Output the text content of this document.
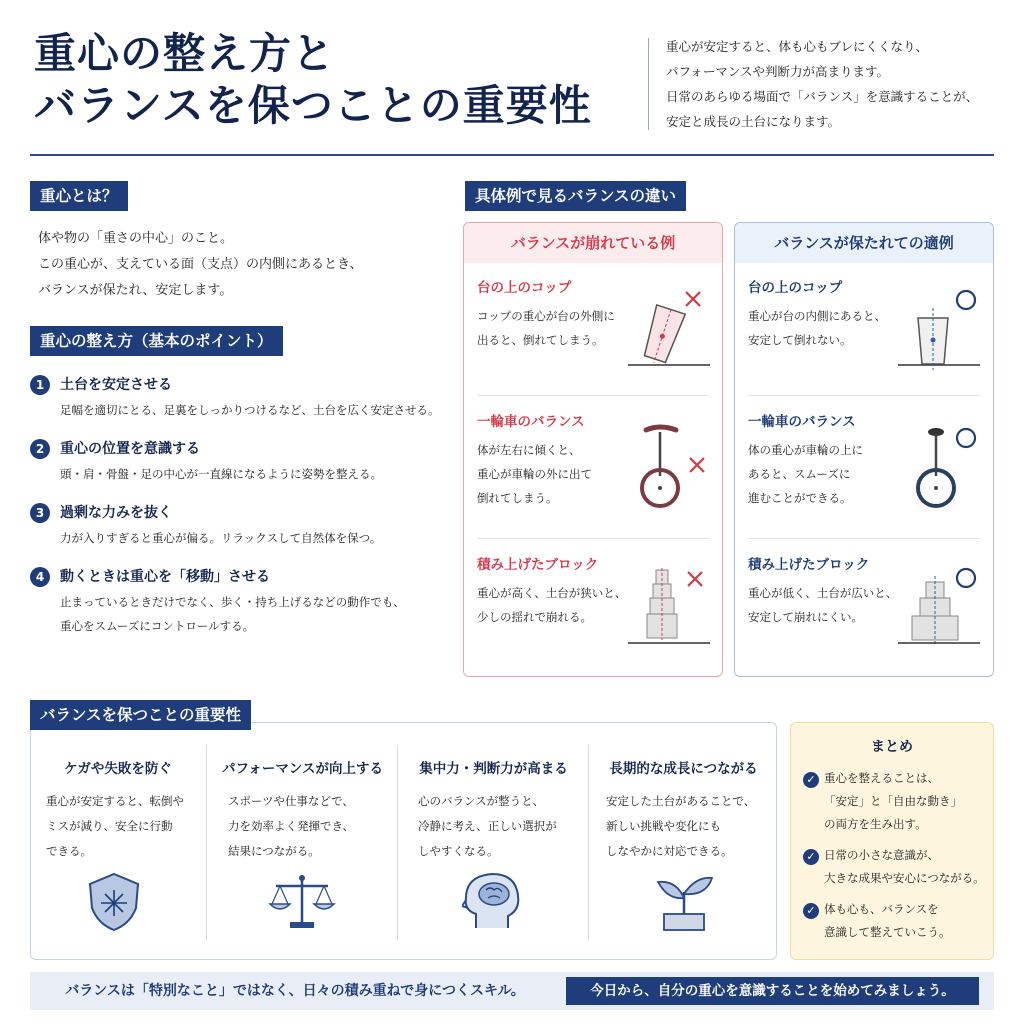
重心の整え方と
バランスを保つことの重要性
重心が安定すると、体も心もブレにくくなり、
パフォーマンスや判断力が高まります。
日常のあらゆる場面で「バランス」を意識することが、
安定と成長の土台になります。
重心とは？
体や物の「重さの中心」のこと。
この重心が、支えている面（支点）の内側にあるとき、
バランスが保たれ、安定します。
重心の整え方（基本のポイント）
1	土台を安定させる
足幅を適切にとる、足裏をしっかりつけるなど、土台を広く安定させる。
2	重心の位置を意識する
頭・肩・骨盤・足の中心が一直線になるように姿勢を整える。
3	過剰な力みを抜く
力が入りすぎると重心が偏る。リラックスして自然体を保つ。
4	動くときは重心を「移動」させる
止まっているときだけでなく、歩く・持ち上げるなどの動作でも、
重心をスムーズにコントロールする。
具体例で見るバランスの違い
バランスが崩れている例	バランスが保たれての適例
台の上のコップ
コップの重心が台の外側に
出ると、倒れてしまう。
一輪車のバランス
体が左右に傾くと、
重心が車輪の外に出て
倒れてしまう。
積み上げたブロック
重心が高く、土台が狭いと、
少しの揺れで崩れる。
台の上のコップ
重心が台の内側にあると、
安定して倒れない。
一輪車のバランス
体の重心が車輪の上に
あると、スムーズに
進むことができる。
積み上げたブロック
重心が低く、土台が広いと、
安定して崩れにくい。
バランスを保つことの重要性
ケガや失敗を防ぐ
重心が安定すると、転倒や
ミスが減り、安全に行動
できる。
パフォーマンスが向上する
スポーツや仕事などで、
力を効率よく発揮でき、
結果につながる。
集中力・判断力が高まる
心のバランスが整うと、
冷静に考え、正しい選択が
しやすくなる。
長期的な成長につながる
安定した土台があることで、
新しい挑戦や変化にも
しなやかに対応できる。
まとめ
✓ 重心を整えることは、
「安定」と「自由な動き」
の両方を生み出す。
✓ 日常の小さな意識が、
大きな成果や安心につながる。
✓ 体も心も、バランスを
意識して整えていこう。
バランスは「特別なこと」ではなく、日々の積み重ねで身につくスキル。	今日から、自分の重心を意識することを始めてみましょう。
